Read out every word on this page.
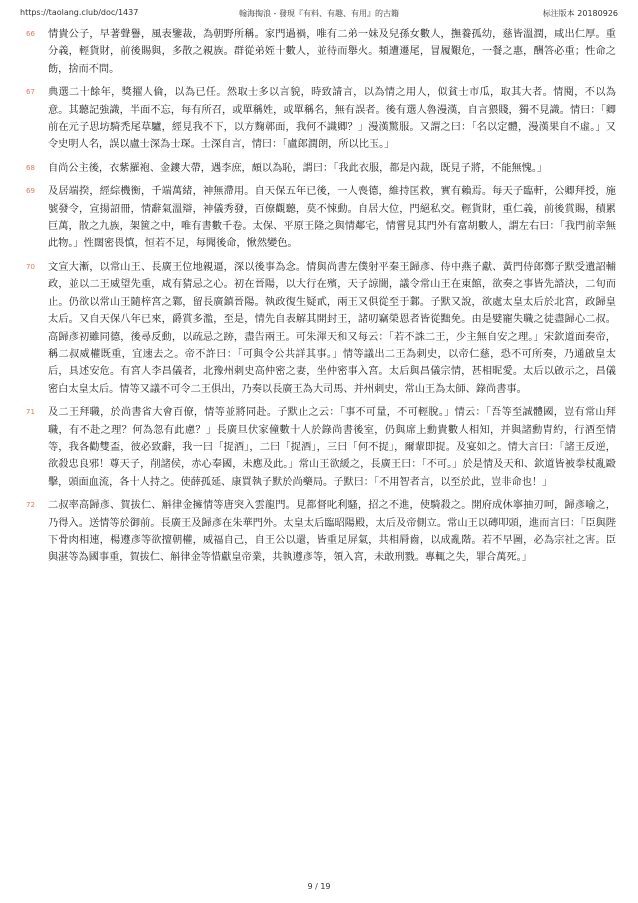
https://taolang.club/doc/1437	翰海掏浪 - 發現『有料、有趣、有用』的古籍	标注版本 20180926
66 情貴公子，早著聲譽，風表鑒裁，為朝野所稱。家門過禍，唯有二弟一妹及兒孫女數人，撫養孤幼，慈皆溫潤，咸出仁厚。重分義，輕貨財，前後賜與，多散之親族。群從弟姪十數人，並待而舉火。頻遭遷尾，冒履艱危，一餐之惠，酬答必重；性命之飭，捨而不問。
67 典選二十餘年，獎擢人倫，以為已任。然取士多以言貌，時致請言，以為情之用人，似貧士市瓜，取其大者。情閱，不以為意。其聽記強識，半面不忘，每有所召，或單稱姓，或單稱名，無有誤者。後有選人魯漫漢，自言猥賤，獨不見識。情曰：「卿前在元子思坊騎禿尾草驢，經見我不下，以方麴鄣面，我何不識卿？」漫漢驚服。又謂之曰：「名以定體，漫漢果自不虛。」又令史明人名，誤以盧士深為士琛。士深自言，情曰：「盧郎潤朗，所以比玉。」
68 自尚公主後，衣紫羅袍、金鏤大帶，遇李庶，頗以為恥，謂曰：「我此衣服，都是內裁，既見子將，不能無愧。」
69 及居端揆，經綜機衡，千端萬緒，神無滯用。自天保五年已後，一人喪德，維持匡救，實有賴焉。每天子臨軒，公卿拜授，施號發令，宣揚詔冊，情辭氣溫辯，神儀秀發，百僚觀聽，莫不悚動。自居大位，門絕私交。輕貨財，重仁義，前後賞賜，積累巨萬，散之九族，架篋之中，唯有書數千卷。太保、平原王隆之與情鄰宅，情嘗見其門外有富胡數人，謂左右曰：「我門前幸無此物。」性闊密畏慎，恒若不足，每聞後命，愀然變色。
70 文宣大漸，以常山王、長廣王位地親逼，深以後事為念。情與尚書左僕射平秦王歸彥、侍中燕子獻、黃門侍郎鄭子默受遺詔輔政，並以二王威望先重，咸有猜忌之心。初在晉陽，以大行在殯，天子諒闇，議令常山王在東館，欲奏之事皆先諮決，二旬而止。仍欲以常山王隨梓宮之鄴，留長廣鎮晉陽。執政復生疑貳，兩王又俱從至于鄴。子默又說，欲處太皇太后於北宮，政歸皇太后。又自天保八年已來，爵賞多濫，至是，情先自表解其開封王，諸叨竊榮恩者皆從黜免。由是嬖寵失職之徒盡歸心二叔。高歸彥初雖同德，後尋反動，以疏忌之跡，盡告兩王。可朱渾天和又每云：「若不誅二王，少主無自安之理。」宋欽道面奏帝，稱二叔威權既重，宜速去之。帝不許曰：「可與令公共詳其事。」情等議出二王為刺史，以帝仁慈，恐不可所奏，乃通啟皇太后，具述安危。有宮人李昌儀者，北豫州刺史高仲密之妻，坐仲密事入宮。太后與昌儀宗情，甚相昵愛。太后以啟示之，昌儀密白太皇太后。情等又議不可令二王俱出，乃奏以長廣王為大司馬、并州刺史，常山王為太師、錄尚書事。
71 及二王拜職，於尚書省大會百僚，情等並將同赴。子默止之云：「事不可量，不可輕脫。」情云：「吾等至誠體國，豈有常山拜職，有不赴之理？何為忽有此慮？」長廣旦伏家僮數十人於錄尚書後室，仍與席上勳貴數人相知，并與諸勳胄約，行酒至情等，我各勸雙盃，彼必致辭，我一曰「捉酒」，二曰「捉酒」，三曰「何不捉」，爾輩即捉。及宴如之。情大言曰：「諸王反逆，欲殺忠良邪！尊天子，削諸侯，赤心奉國，未應及此。」常山王欲緩之，長廣王曰：「不可。」於是情及天和、欽道皆被拳杖亂毆擊，頭面血流，各十人持之。使薛孤延、康買執子默於尚藥局。子默曰：「不用智者言，以至於此，豈非命也！」
72 二叔率高歸彥、賀拔仁、斛律金擁情等唐突入雲龍門。見都督叱利騷，招之不進，使騎殺之。開府成休寧抽刃呵，歸彥喻之，乃得入。送情等於御前。長廣王及歸彥在朱華門外。太皇太后臨昭陽殿，太后及帝側立。常山王以磚叩頭，進而言曰：「臣與陛下骨肉相連，楊遵彥等欲擅朝權，威福自己，自王公以還，皆重足屏氣，共相脣齒，以成亂階。若不早圖，必為宗社之害。臣與湛等為國事重，賀拔仁、斛律金等惜獻皇帝業，共執遵彥等，領入宮，未敢刑戮。專輒之失，罪合萬死。」
9 / 19
